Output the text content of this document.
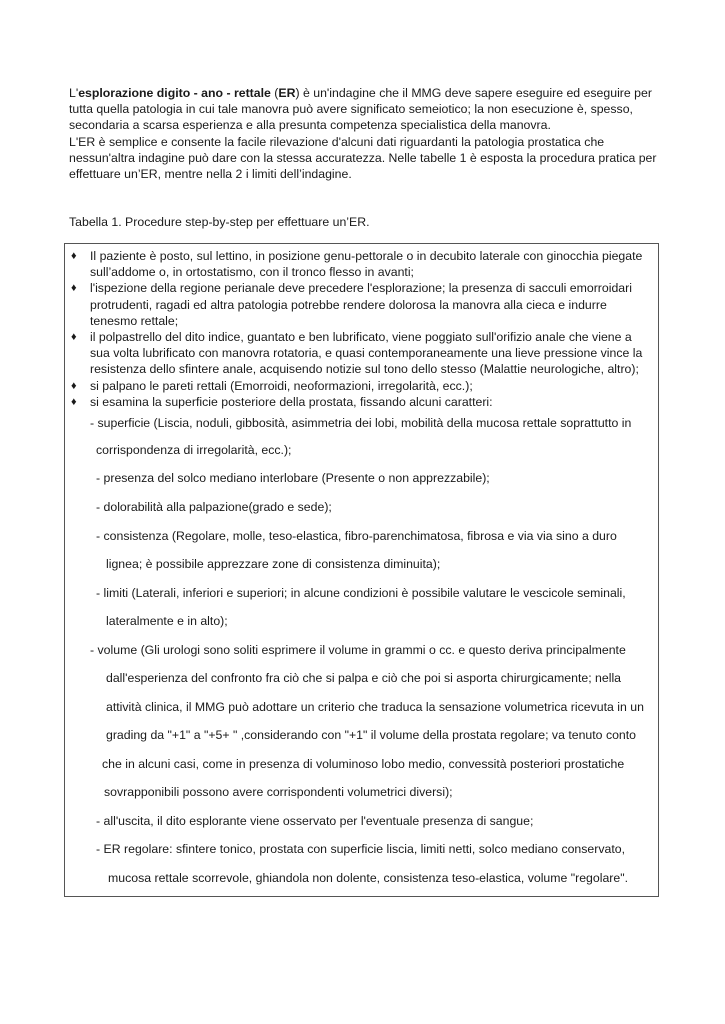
L'esplorazione digito - ano - rettale (ER) è un'indagine che il MMG deve sapere eseguire ed eseguire per tutta quella patologia in cui tale manovra può avere significato semeiotico; la non esecuzione è, spesso, secondaria a scarsa esperienza e alla presunta competenza specialistica della manovra.

L'ER è semplice e consente la facile rilevazione d'alcuni dati riguardanti la patologia prostatica che nessun'altra indagine può dare con la stessa accuratezza. Nelle tabelle 1 è esposta la procedura pratica per effettuare un’ER, mentre nella 2 i limiti dell’indagine.

Tabella 1. Procedure step-by-step per effettuare un’ER.
♦ Il paziente è posto, sul lettino, in posizione genu-pettorale o in decubito laterale con ginocchia piegate sull’addome o, in ortostatismo, con il tronco flesso in avanti;
♦ l'ispezione della regione perianale deve precedere l'esplorazione; la presenza di sacculi emorroidari protrudenti, ragadi ed altra patologia potrebbe rendere dolorosa la manovra alla cieca e indurre tenesmo rettale;
♦ il polpastrello del dito indice, guantato e ben lubrificato, viene poggiato sull'orifizio anale che viene a sua volta lubrificato con manovra rotatoria, e quasi contemporaneamente una lieve pressione vince la resistenza dello sfintere anale, acquisendo notizie sul tono dello stesso (Malattie neurologiche, altro);
♦ si palpano le pareti rettali (Emorroidi, neoformazioni, irregolarità, ecc.);
♦ si esamina la superficie posteriore della prostata, fissando alcuni caratteri:
- superficie (Liscia, noduli, gibbosità, asimmetria dei lobi, mobilità della mucosa rettale soprattutto in
corrispondenza di irregolarità, ecc.);
- presenza del solco mediano interlobare (Presente o non apprezzabile);
- dolorabilità alla palpazione(grado e sede);
- consistenza (Regolare, molle, teso-elastica, fibro-parenchimatosa, fibrosa e via via sino a duro
lignea; è possibile apprezzare zone di consistenza diminuita);
- limiti (Laterali, inferiori e superiori; in alcune condizioni è possibile valutare le vescicole seminali,
lateralmente e in alto);
- volume (Gli urologi sono soliti esprimere il volume in grammi o cc. e questo deriva principalmente
dall'esperienza del confronto fra ciò che si palpa e ciò che poi si asporta chirurgicamente; nella
attività clinica, il MMG può adottare un criterio che traduca la sensazione volumetrica ricevuta in un
grading da "+1" a "+5+ " ,considerando con "+1" il volume della prostata regolare; va tenuto conto
che in alcuni casi, come in presenza di voluminoso lobo medio, convessità posteriori prostatiche
sovrapponibili possono avere corrispondenti volumetrici diversi);
- all'uscita, il dito esplorante viene osservato per l'eventuale presenza di sangue;
- ER regolare: sfintere tonico, prostata con superficie liscia, limiti netti, solco mediano conservato,
mucosa rettale scorrevole, ghiandola non dolente, consistenza teso-elastica, volume "regolare".
